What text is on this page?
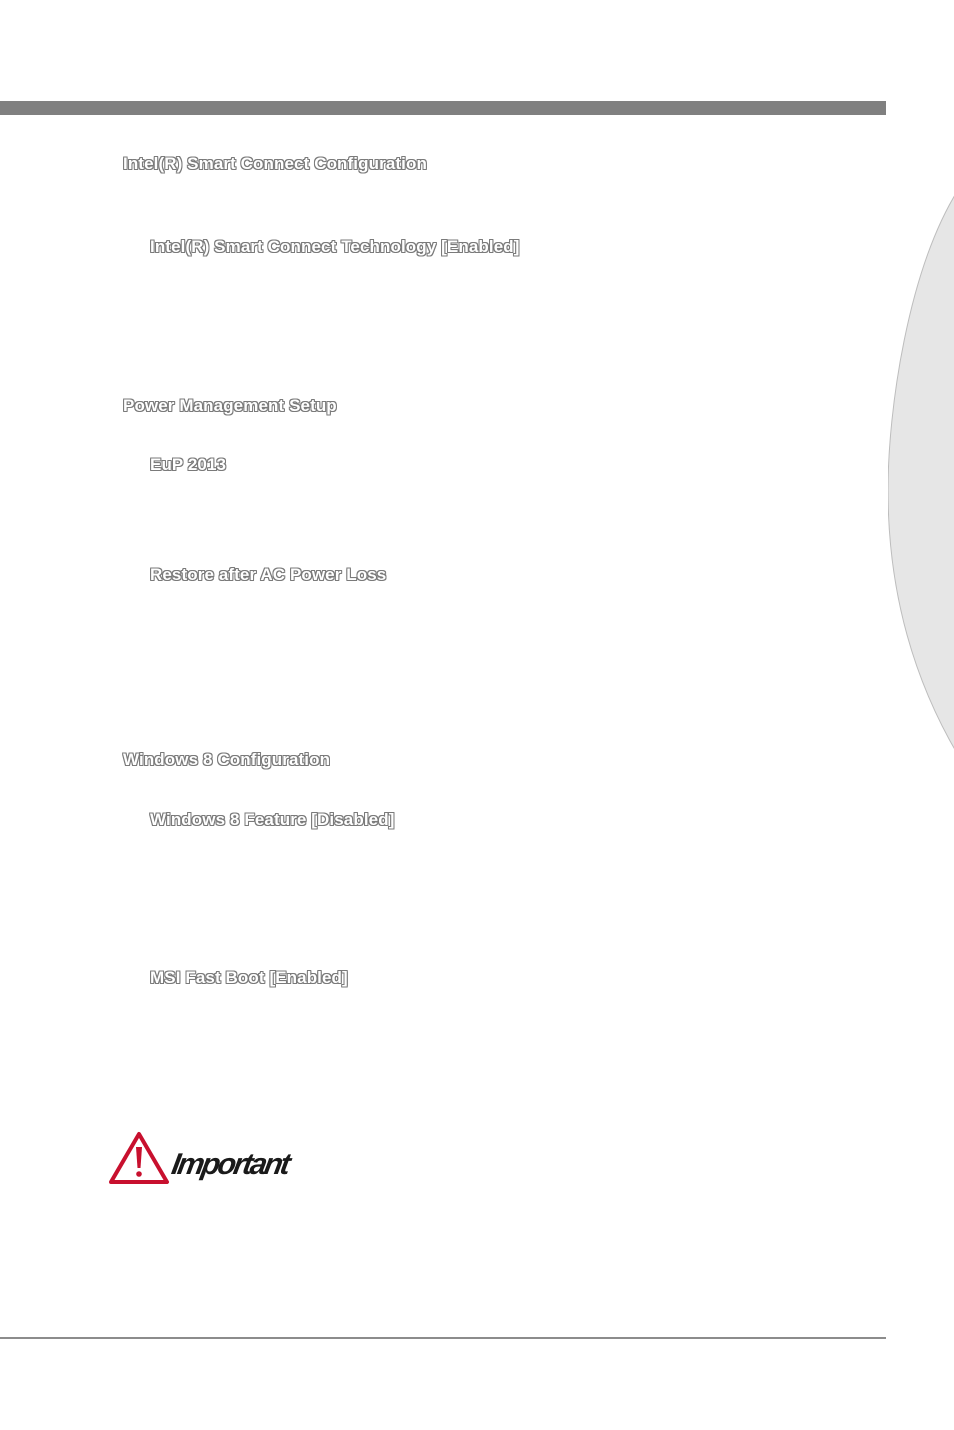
Intel(R) Smart Connect Configuration
Intel(R) Smart Connect Technology [Enabled]
Power Management Setup
EuP 2013
Restore after AC Power Loss
Windows 8 Configuration
Windows 8 Feature [Disabled]
MSI Fast Boot [Enabled]
Important
